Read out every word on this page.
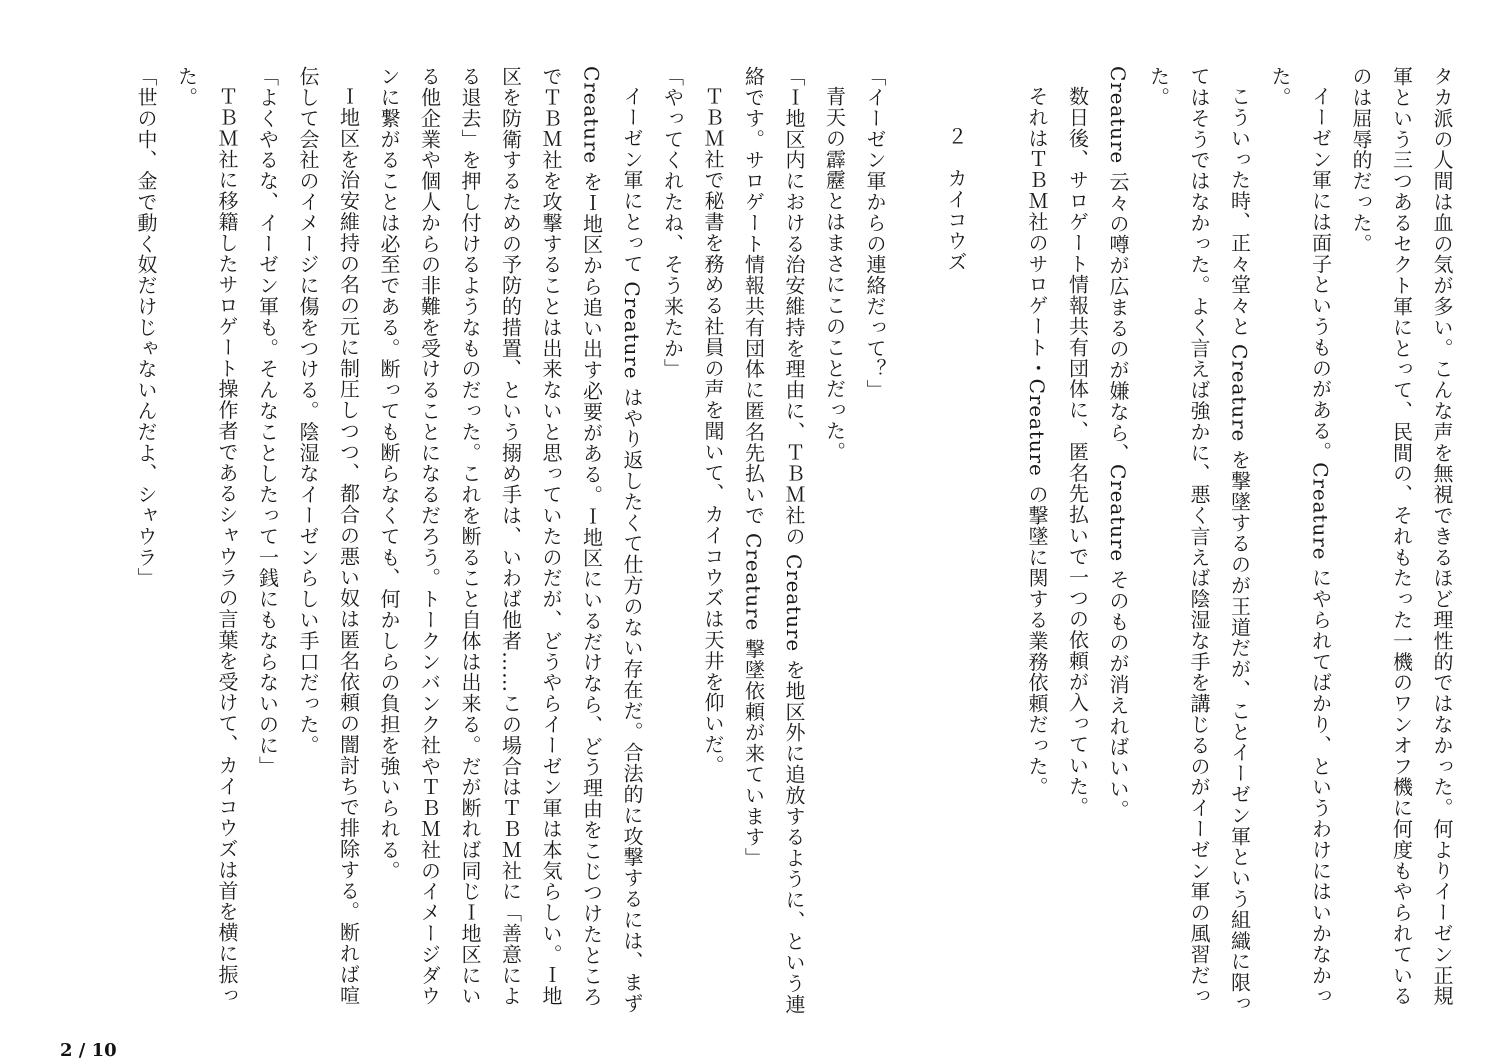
タカ派の人間は血の気が多い。こんな声を無視できるほど理性的ではなかった。何よりイーゼン正規軍という三つあるセクト軍にとって、民間の、それもたった一機のワンオフ機に何度もやられているのは屈辱的だった。

イーゼン軍には面子というものがある。Creature にやられてばかり、というわけにはいかなかった。

こういった時、正々堂々と Creature を撃墜するのが王道だが、ことイーゼン軍という組織に限ってはそうではなかった。よく言えば強かに、悪く言えば陰湿な手を講じるのがイーゼン軍の風習だった。

Creature 云々の噂が広まるのが嫌なら、Creature そのものが消えればいい。

数日後、サロゲート情報共有団体に、匿名先払いで一つの依頼が入っていた。

それはＴＢＭ社のサロゲート・Creature の撃墜に関する業務依頼だった。

２　カイコウズ

「イーゼン軍からの連絡だって？」

青天の霹靂とはまさにこのことだった。

「Ｉ地区内における治安維持を理由に、ＴＢＭ社の Creature を地区外に追放するように、という連絡です。サロゲート情報共有団体に匿名先払いで Creature 撃墜依頼が来ています」

ＴＢＭ社で秘書を務める社員の声を聞いて、カイコウズは天井を仰いだ。

「やってくれたね、そう来たか」

イーゼン軍にとって Creature はやり返したくて仕方のない存在だ。合法的に攻撃するには、まず Creature をＩ地区から追い出す必要がある。Ｉ地区にいるだけなら、どう理由をこじつけたところでＴＢＭ社を攻撃することは出来ないと思っていたのだが、どうやらイーゼン軍は本気らしい。Ｉ地区を防衛するための予防的措置、という搦め手は、いわば他者……この場合はＴＢＭ社に「善意による退去」を押し付けるようなものだった。これを断ること自体は出来る。だが断れば同じＩ地区にいる他企業や個人からの非難を受けることになるだろう。トークンバンク社やＴＢＭ社のイメージダウンに繋がることは必至である。断っても断らなくても、何かしらの負担を強いられる。

Ｉ地区を治安維持の名の元に制圧しつつ、都合の悪い奴は匿名依頼の闇討ちで排除する。断れば喧伝して会社のイメージに傷をつける。陰湿なイーゼンらしい手口だった。

「よくやるな、イーゼン軍も。そんなことしたって一銭にもならないのに」

ＴＢＭ社に移籍したサロゲート操作者であるシャウラの言葉を受けて、カイコウズは首を横に振った。

「世の中、金で動く奴だけじゃないんだよ、シャウラ」

2 / 10
